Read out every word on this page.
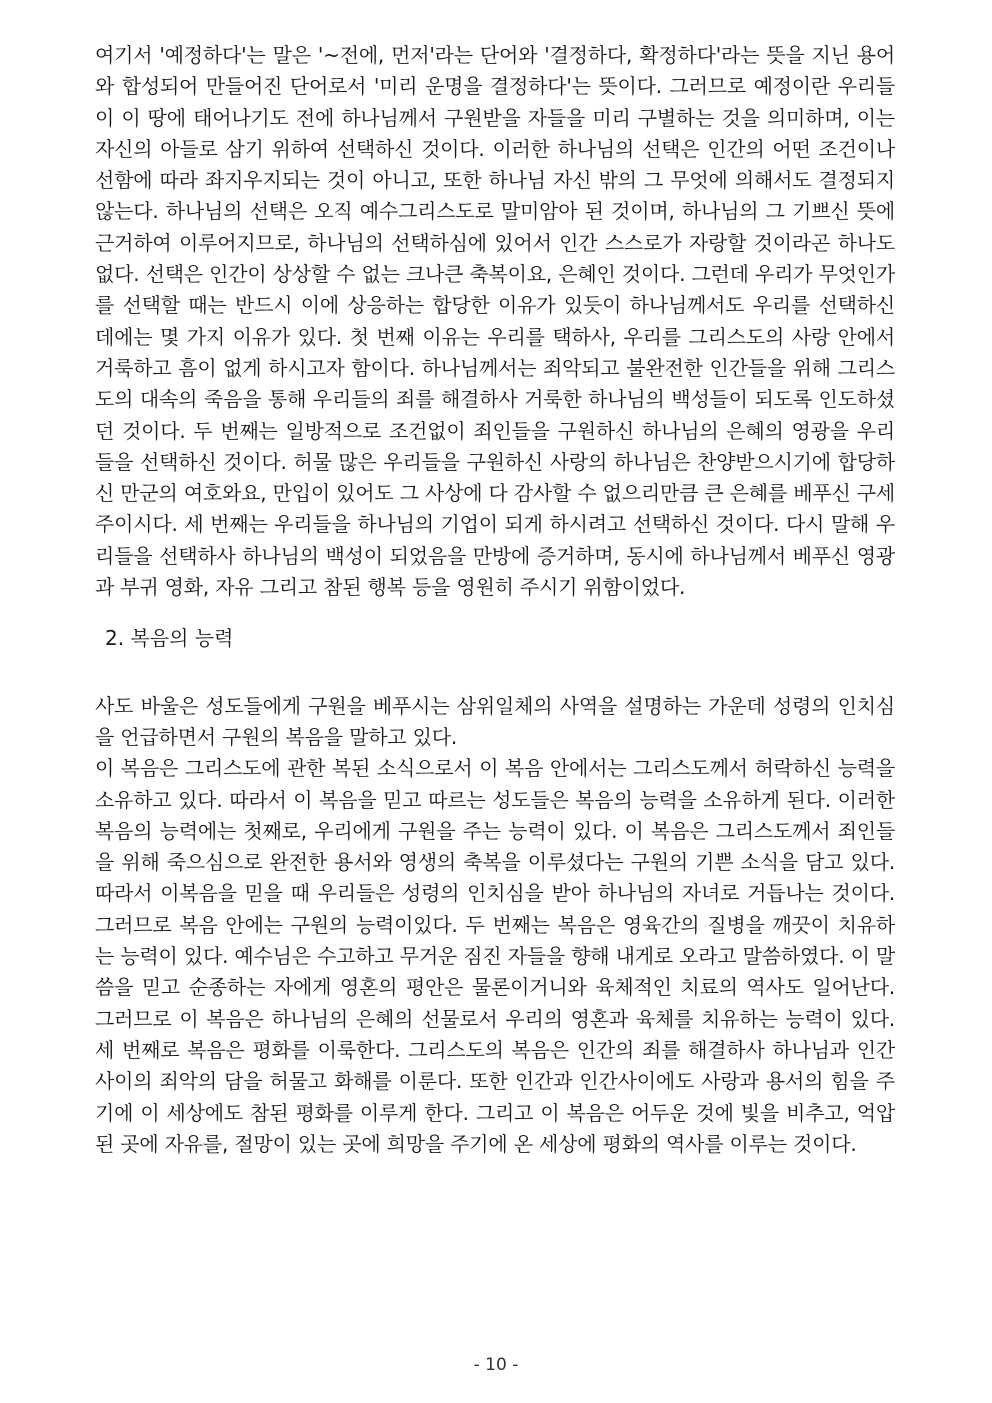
여기서 '예정하다'는 말은 '~전에, 먼저'라는 단어와 '결정하다, 확정하다'라는 뜻을 지닌 용어와 합성되어 만들어진 단어로서 '미리 운명을 결정하다'는 뜻이다. 그러므로 예정이란 우리들이 이 땅에 태어나기도 전에 하나님께서 구원받을 자들을 미리 구별하는 것을 의미하며, 이는 자신의 아들로 삼기 위하여 선택하신 것이다. 이러한 하나님의 선택은 인간의 어떤 조건이나 선함에 따라 좌지우지되는 것이 아니고, 또한 하나님 자신 밖의 그 무엇에 의해서도 결정되지 않는다. 하나님의 선택은 오직 예수그리스도로 말미암아 된 것이며, 하나님의 그 기쁘신 뜻에 근거하여 이루어지므로, 하나님의 선택하심에 있어서 인간 스스로가 자랑할 것이라곤 하나도 없다. 선택은 인간이 상상할 수 없는 크나큰 축복이요, 은혜인 것이다. 그런데 우리가 무엇인가를 선택할 때는 반드시 이에 상응하는 합당한 이유가 있듯이 하나님께서도 우리를 선택하신 데에는 몇 가지 이유가 있다. 첫 번째 이유는 우리를 택하사, 우리를 그리스도의 사랑 안에서 거룩하고 흠이 없게 하시고자 함이다. 하나님께서는 죄악되고 불완전한 인간들을 위해 그리스도의 대속의 죽음을 통해 우리들의 죄를 해결하사 거룩한 하나님의 백성들이 되도록 인도하셨던 것이다. 두 번째는 일방적으로 조건없이 죄인들을 구원하신 하나님의 은혜의 영광을 우리들을 선택하신 것이다. 허물 많은 우리들을 구원하신 사랑의 하나님은 찬양받으시기에 합당하신 만군의 여호와요, 만입이 있어도 그 사상에 다 감사할 수 없으리만큼 큰 은혜를 베푸신 구세주이시다. 세 번째는 우리들을 하나님의 기업이 되게 하시려고 선택하신 것이다. 다시 말해 우리들을 선택하사 하나님의 백성이 되었음을 만방에 증거하며, 동시에 하나님께서 베푸신 영광과 부귀 영화, 자유 그리고 참된 행복 등을 영원히 주시기 위함이었다.

2. 복음의 능력

사도 바울은 성도들에게 구원을 베푸시는 삼위일체의 사역을 설명하는 가운데 성령의 인치심을 언급하면서 구원의 복음을 말하고 있다.

이 복음은 그리스도에 관한 복된 소식으로서 이 복음 안에서는 그리스도께서 허락하신 능력을 소유하고 있다. 따라서 이 복음을 믿고 따르는 성도들은 복음의 능력을 소유하게 된다. 이러한 복음의 능력에는 첫째로, 우리에게 구원을 주는 능력이 있다. 이 복음은 그리스도께서 죄인들을 위해 죽으심으로 완전한 용서와 영생의 축복을 이루셨다는 구원의 기쁜 소식을 담고 있다. 따라서 이복음을 믿을 때 우리들은 성령의 인치심을 받아 하나님의 자녀로 거듭나는 것이다. 그러므로 복음 안에는 구원의 능력이있다. 두 번째는 복음은 영육간의 질병을 깨끗이 치유하는 능력이 있다. 예수님은 수고하고 무거운 짐진 자들을 향해 내게로 오라고 말씀하였다. 이 말씀을 믿고 순종하는 자에게 영혼의 평안은 물론이거니와 육체적인 치료의 역사도 일어난다. 그러므로 이 복음은 하나님의 은혜의 선물로서 우리의 영혼과 육체를 치유하는 능력이 있다. 세 번째로 복음은 평화를 이룩한다. 그리스도의 복음은 인간의 죄를 해결하사 하나님과 인간사이의 죄악의 담을 허물고 화해를 이룬다. 또한 인간과 인간사이에도 사랑과 용서의 힘을 주기에 이 세상에도 참된 평화를 이루게 한다. 그리고 이 복음은 어두운 것에 빛을 비추고, 억압된 곳에 자유를, 절망이 있는 곳에 희망을 주기에 온 세상에 평화의 역사를 이루는 것이다.

- 10 -
